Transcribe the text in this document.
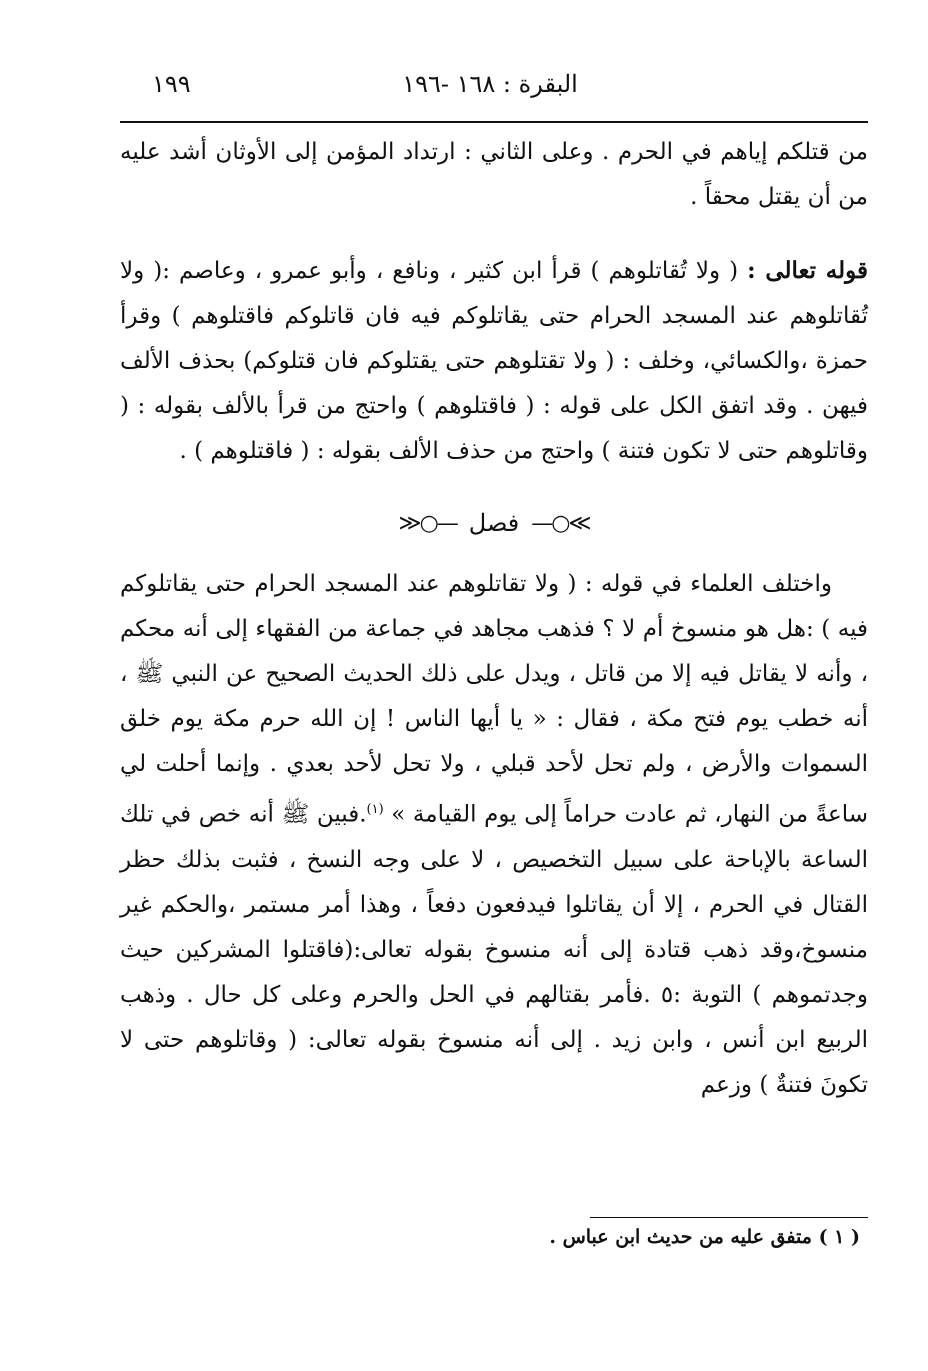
١٩٩	البقرة : ١٦٨ -١٩٦

من قتلكم إياهم في الحرم . وعلى الثاني : ارتداد المؤمن إلى الأوثان أشد عليه من أن يقتل محقاً .

قوله تعالى : ( ولا تُقاتلوهم ) قرأ ابن كثير ، ونافع ، وأبو عمرو ، وعاصم :( ولا تُقاتلوهم عند المسجد الحرام حتى يقاتلوكم فيه فان قاتلوكم فاقتلوهم ) وقرأ حمزة ،والكسائي، وخلف : ( ولا تقتلوهم حتى يقتلوكم فان قتلوكم) بحذف الألف فيهن . وقد اتفق الكل على قوله : ( فاقتلوهم ) واحتج من قرأ بالألف بقوله : ( وقاتلوهم حتى لا تكون فتنة ) واحتج من حذف الألف بقوله : ( فاقتلوهم ) .

≫○—
فصل
—○≪

واختلف العلماء في قوله : ( ولا تقاتلوهم عند المسجد الحرام حتى يقاتلوكم فيه ) :هل هو منسوخ أم لا ؟ فذهب مجاهد في جماعة من الفقهاء إلى أنه محكم ، وأنه لا يقاتل فيه إلا من قاتل ، ويدل على ذلك الحديث الصحيح عن النبي ﷺ ، أنه خطب يوم فتح مكة ، فقال : « يا أيها الناس ! إن الله حرم مكة يوم خلق السموات والأرض ، ولم تحل لأحد قبلي ، ولا تحل لأحد بعدي . وإنما أحلت لي ساعةً من النهار، ثم عادت حراماً إلى يوم القيامة » $^{(١)}$.فبين ﷺ أنه خص في تلك الساعة بالإباحة على سبيل التخصيص ، لا على وجه النسخ ، فثبت بذلك حظر القتال في الحرم ، إلا أن يقاتلوا فيدفعون دفعاً ، وهذا أمر مستمر ،والحكم غير منسوخ،وقد ذهب قتادة إلى أنه منسوخ بقوله تعالى:(فاقتلوا المشركين حيث وجدتموهم ) التوبة :٥ .فأمر بقتالهم في الحل والحرم وعلى كل حال . وذهب الربيع ابن أنس ، وابن زيد . إلى أنه منسوخ بقوله تعالى: ( وقاتلوهم حتى لا تكونَ فتنةٌ ) وزعم

( ١ ) متفق عليه من حديث ابن عباس .
